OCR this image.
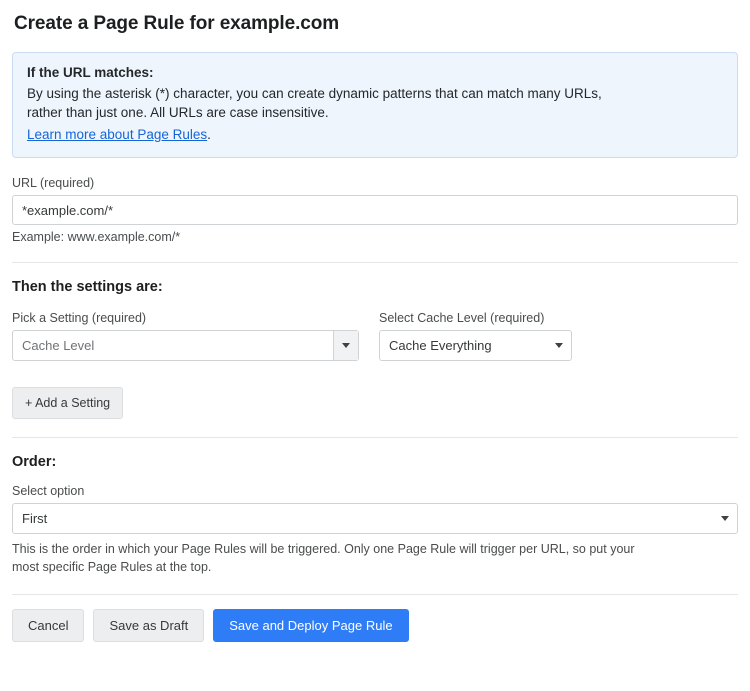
Create a Page Rule for example.com
If the URL matches:
By using the asterisk (*) character, you can create dynamic patterns that can match many URLs,
rather than just one. All URLs are case insensitive.
Learn more about Page Rules.
URL (required)
*example.com/*
Example: www.example.com/*
Then the settings are:
Pick a Setting (required)
Cache Level
Select Cache Level (required)
Cache Everything
+ Add a Setting
Order:
Select option
First
This is the order in which your Page Rules will be triggered. Only one Page Rule will trigger per URL, so put your
most specific Page Rules at the top.
Cancel	Save as Draft	Save and Deploy Page Rule
